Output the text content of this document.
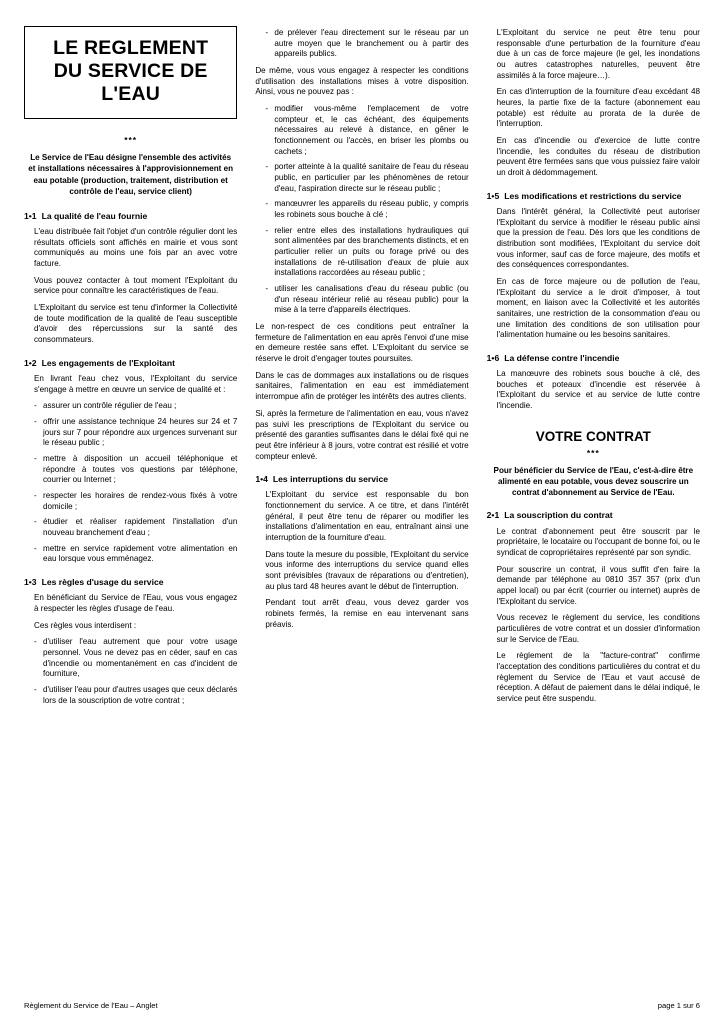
LE REGLEMENT
DU SERVICE DE
L'EAU
***
Le Service de l'Eau désigne l'ensemble des activités et installations nécessaires à l'approvisionnement en eau potable (production, traitement, distribution et contrôle de l'eau, service client)
1•1 La qualité de l'eau fournie

L'eau distribuée fait l'objet d'un contrôle régulier dont les résultats officiels sont affichés en mairie et vous sont communiqués au moins une fois par an avec votre facture.

Vous pouvez contacter à tout moment l'Exploitant du service pour connaître les caractéristiques de l'eau.

L'Exploitant du service est tenu d'informer la Collectivité de toute modification de la qualité de l'eau susceptible d'avoir des répercussions sur la santé des consommateurs.

1•2 Les engagements de l'Exploitant

En livrant l'eau chez vous, l'Exploitant du service s'engage à mettre en œuvre un service de qualité et :

- assurer un contrôle régulier de l'eau ;
- offrir une assistance technique 24 heures sur 24 et 7 jours sur 7 pour répondre aux urgences survenant sur le réseau public ;
- mettre à disposition un accueil téléphonique et répondre à toutes vos questions par téléphone, courrier ou Internet ;
- respecter les horaires de rendez-vous fixés à votre domicile ;
- étudier et réaliser rapidement l'installation d'un nouveau branchement d'eau ;
- mettre en service rapidement votre alimentation en eau lorsque vous emménagez.
1•3 Les règles d'usage du service

En bénéficiant du Service de l'Eau, vous vous engagez à respecter les règles d'usage de l'eau.

Ces règles vous interdisent :

- d'utiliser l'eau autrement que pour votre usage personnel. Vous ne devez pas en céder, sauf en cas d'incendie ou momentanément en cas d'incident de fourniture,
- d'utiliser l'eau pour d'autres usages que ceux déclarés lors de la souscription de votre contrat ;
- de prélever l'eau directement sur le réseau par un autre moyen que le branchement ou à partir des appareils publics.

De même, vous vous engagez à respecter les conditions d'utilisation des installations mises à votre disposition. Ainsi, vous ne pouvez pas :

- modifier vous-même l'emplacement de votre compteur et, le cas échéant, des équipements nécessaires au relevé à distance, en gêner le fonctionnement ou l'accès, en briser les plombs ou cachets ;
- porter atteinte à la qualité sanitaire de l'eau du réseau public, en particulier par les phénomènes de retour d'eau, l'aspiration directe sur le réseau public ;
- manœuvrer les appareils du réseau public, y compris les robinets sous bouche à clé ;
- relier entre elles des installations hydrauliques qui sont alimentées par des branchements distincts, et en particulier relier un puits ou forage privé ou des installations de ré-utilisation d'eaux de pluie aux installations raccordées au réseau public ;
- utiliser les canalisations d'eau du réseau public (ou d'un réseau intérieur relié au réseau public) pour la mise à la terre d'appareils électriques.

Le non-respect de ces conditions peut entraîner la fermeture de l'alimentation en eau après l'envoi d'une mise en demeure restée sans effet. L'Exploitant du service se réserve le droit d'engager toutes poursuites.

Dans le cas de dommages aux installations ou de risques sanitaires, l'alimentation en eau est immédiatement interrompue afin de protéger les intérêts des autres clients.

Si, après la fermeture de l'alimentation en eau, vous n'avez pas suivi les prescriptions de l'Exploitant du service ou présenté des garanties suffisantes dans le délai fixé qui ne peut être inférieur à 8 jours, votre contrat est résilié et votre compteur enlevé.

1•4 Les interruptions du service

L'Exploitant du service est responsable du bon fonctionnement du service. A ce titre, et dans l'intérêt général, il peut être tenu de réparer ou modifier les installations d'alimentation en eau, entraînant ainsi une interruption de la fourniture d'eau.

Dans toute la mesure du possible, l'Exploitant du service vous informe des interruptions du service quand elles sont prévisibles (travaux de réparations ou d'entretien), au plus tard 48 heures avant le début de l'interruption.

Pendant tout arrêt d'eau, vous devez garder vos robinets fermés, la remise en eau intervenant sans préavis.

L'Exploitant du service ne peut être tenu pour responsable d'une perturbation de la fourniture d'eau due à un cas de force majeure (le gel, les inondations ou autres catastrophes naturelles, peuvent être assimilés à la force majeure…).

En cas d'interruption de la fourniture d'eau excédant 48 heures, la partie fixe de la facture (abonnement eau potable) est réduite au prorata de la durée de l'interruption.

En cas d'incendie ou d'exercice de lutte contre l'incendie, les conduites du réseau de distribution peuvent être fermées sans que vous puissiez faire valoir un droit à dédommagement.

1•5 Les modifications et restrictions du service

Dans l'intérêt général, la Collectivité peut autoriser l'Exploitant du service à modifier le réseau public ainsi que la pression de l'eau. Dès lors que les conditions de distribution sont modifiées, l'Exploitant du service doit vous informer, sauf cas de force majeure, des motifs et des conséquences correspondantes.

En cas de force majeure ou de pollution de l'eau, l'Exploitant du service a le droit d'imposer, à tout moment, en liaison avec la Collectivité et les autorités sanitaires, une restriction de la consommation d'eau ou une limitation des conditions de son utilisation pour l'alimentation humaine ou les besoins sanitaires.

1•6 La défense contre l'incendie

La manœuvre des robinets sous bouche à clé, des bouches et poteaux d'incendie est réservée à l'Exploitant du service et au service de lutte contre l'incendie.

VOTRE CONTRAT
***
Pour bénéficier du Service de l'Eau, c'est-à-dire être alimenté en eau potable, vous devez souscrire un contrat d'abonnement au Service de l'Eau.
2•1 La souscription du contrat

Le contrat d'abonnement peut être souscrit par le propriétaire, le locataire ou l'occupant de bonne foi, ou le syndicat de copropriétaires représenté par son syndic.

Pour souscrire un contrat, il vous suffit d'en faire la demande par téléphone au 0810 357 357 (prix d'un appel local) ou par écrit (courrier ou internet) auprès de l'Exploitant du service.

Vous recevez le règlement du service, les conditions particulières de votre contrat et un dossier d'information sur le Service de l'Eau.

Le règlement de la "facture-contrat" confirme l'acceptation des conditions particulières du contrat et du règlement du Service de l'Eau et vaut accusé de réception. A défaut de paiement dans le délai indiqué, le service peut être suspendu.

Règlement du Service de l'Eau – Anglet	page 1 sur 6
